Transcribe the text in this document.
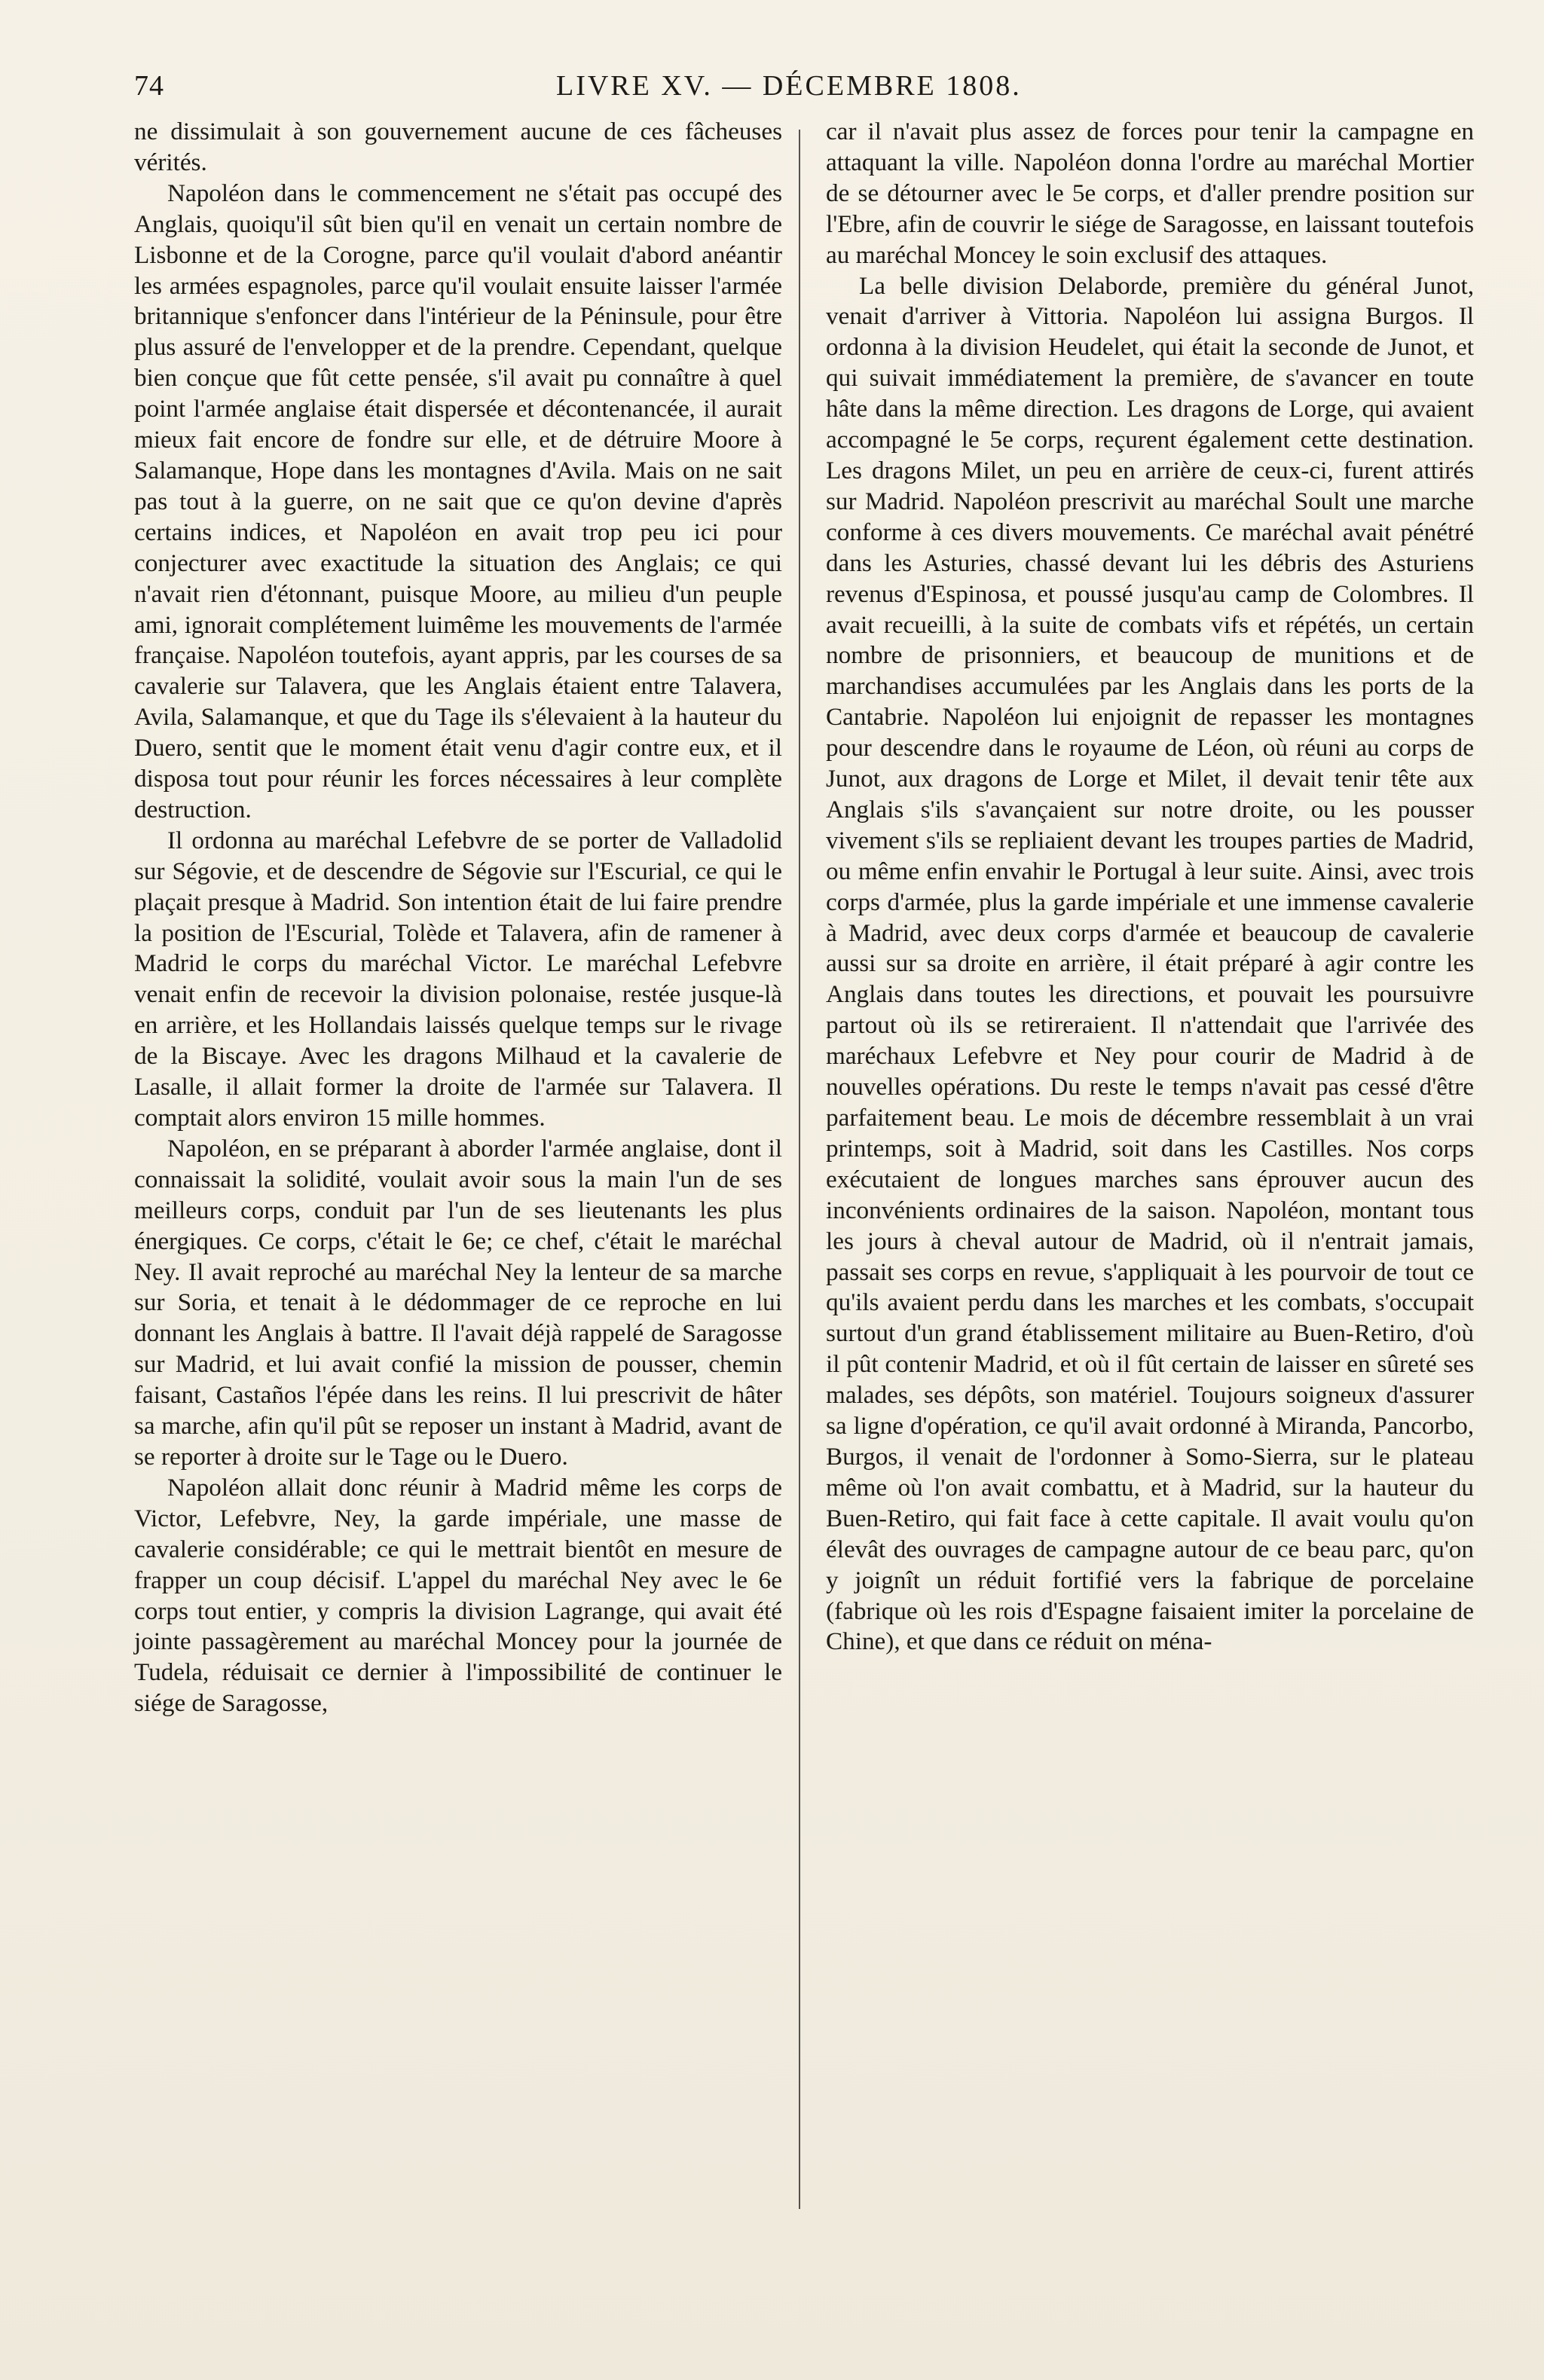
74	LIVRE XV. — DÉCEMBRE 1808.

ne dissimulait à son gouvernement aucune de ces fâcheuses vérités.

Napoléon dans le commencement ne s'était pas occupé des Anglais, quoiqu'il sût bien qu'il en venait un certain nombre de Lisbonne et de la Corogne, parce qu'il voulait d'abord anéantir les armées espagnoles, parce qu'il voulait ensuite laisser l'armée britannique s'enfoncer dans l'intérieur de la Péninsule, pour être plus assuré de l'envelopper et de la prendre. Cependant, quelque bien conçue que fût cette pensée, s'il avait pu connaître à quel point l'armée anglaise était dispersée et décontenancée, il aurait mieux fait encore de fondre sur elle, et de détruire Moore à Salamanque, Hope dans les montagnes d'Avila. Mais on ne sait pas tout à la guerre, on ne sait que ce qu'on devine d'après certains indices, et Napoléon en avait trop peu ici pour conjecturer avec exactitude la situation des Anglais; ce qui n'avait rien d'étonnant, puisque Moore, au milieu d'un peuple ami, ignorait complétement luimême les mouvements de l'armée française. Napoléon toutefois, ayant appris, par les courses de sa cavalerie sur Talavera, que les Anglais étaient entre Talavera, Avila, Salamanque, et que du Tage ils s'élevaient à la hauteur du Duero, sentit que le moment était venu d'agir contre eux, et il disposa tout pour réunir les forces nécessaires à leur complète destruction.

Il ordonna au maréchal Lefebvre de se porter de Valladolid sur Ségovie, et de descendre de Ségovie sur l'Escurial, ce qui le plaçait presque à Madrid. Son intention était de lui faire prendre la position de l'Escurial, Tolède et Talavera, afin de ramener à Madrid le corps du maréchal Victor. Le maréchal Lefebvre venait enfin de recevoir la division polonaise, restée jusque-là en arrière, et les Hollandais laissés quelque temps sur le rivage de la Biscaye. Avec les dragons Milhaud et la cavalerie de Lasalle, il allait former la droite de l'armée sur Talavera. Il comptait alors environ 15 mille hommes.

Napoléon, en se préparant à aborder l'armée anglaise, dont il connaissait la solidité, voulait avoir sous la main l'un de ses meilleurs corps, conduit par l'un de ses lieutenants les plus énergiques. Ce corps, c'était le 6e; ce chef, c'était le maréchal Ney. Il avait reproché au maréchal Ney la lenteur de sa marche sur Soria, et tenait à le dédommager de ce reproche en lui donnant les Anglais à battre. Il l'avait déjà rappelé de Saragosse sur Madrid, et lui avait confié la mission de pousser, chemin faisant, Castaños l'épée dans les reins. Il lui prescrivit de hâter sa marche, afin qu'il pût se reposer un instant à Madrid, avant de se reporter à droite sur le Tage ou le Duero.

Napoléon allait donc réunir à Madrid même les corps de Victor, Lefebvre, Ney, la garde impériale, une masse de cavalerie considérable; ce qui le mettrait bientôt en mesure de frapper un coup décisif. L'appel du maréchal Ney avec le 6e corps tout entier, y compris la division Lagrange, qui avait été jointe passagèrement au maréchal Moncey pour la journée de Tudela, réduisait ce dernier à l'impossibilité de continuer le siége de Saragosse,

car il n'avait plus assez de forces pour tenir la campagne en attaquant la ville. Napoléon donna l'ordre au maréchal Mortier de se détourner avec le 5e corps, et d'aller prendre position sur l'Ebre, afin de couvrir le siége de Saragosse, en laissant toutefois au maréchal Moncey le soin exclusif des attaques.

La belle division Delaborde, première du général Junot, venait d'arriver à Vittoria. Napoléon lui assigna Burgos. Il ordonna à la division Heudelet, qui était la seconde de Junot, et qui suivait immédiatement la première, de s'avancer en toute hâte dans la même direction. Les dragons de Lorge, qui avaient accompagné le 5e corps, reçurent également cette destination. Les dragons Milet, un peu en arrière de ceux-ci, furent attirés sur Madrid. Napoléon prescrivit au maréchal Soult une marche conforme à ces divers mouvements. Ce maréchal avait pénétré dans les Asturies, chassé devant lui les débris des Asturiens revenus d'Espinosa, et poussé jusqu'au camp de Colombres. Il avait recueilli, à la suite de combats vifs et répétés, un certain nombre de prisonniers, et beaucoup de munitions et de marchandises accumulées par les Anglais dans les ports de la Cantabrie. Napoléon lui enjoignit de repasser les montagnes pour descendre dans le royaume de Léon, où réuni au corps de Junot, aux dragons de Lorge et Milet, il devait tenir tête aux Anglais s'ils s'avançaient sur notre droite, ou les pousser vivement s'ils se repliaient devant les troupes parties de Madrid, ou même enfin envahir le Portugal à leur suite. Ainsi, avec trois corps d'armée, plus la garde impériale et une immense cavalerie à Madrid, avec deux corps d'armée et beaucoup de cavalerie aussi sur sa droite en arrière, il était préparé à agir contre les Anglais dans toutes les directions, et pouvait les poursuivre partout où ils se retireraient. Il n'attendait que l'arrivée des maréchaux Lefebvre et Ney pour courir de Madrid à de nouvelles opérations. Du reste le temps n'avait pas cessé d'être parfaitement beau. Le mois de décembre ressemblait à un vrai printemps, soit à Madrid, soit dans les Castilles. Nos corps exécutaient de longues marches sans éprouver aucun des inconvénients ordinaires de la saison. Napoléon, montant tous les jours à cheval autour de Madrid, où il n'entrait jamais, passait ses corps en revue, s'appliquait à les pourvoir de tout ce qu'ils avaient perdu dans les marches et les combats, s'occupait surtout d'un grand établissement militaire au Buen-Retiro, d'où il pût contenir Madrid, et où il fût certain de laisser en sûreté ses malades, ses dépôts, son matériel. Toujours soigneux d'assurer sa ligne d'opération, ce qu'il avait ordonné à Miranda, Pancorbo, Burgos, il venait de l'ordonner à Somo-Sierra, sur le plateau même où l'on avait combattu, et à Madrid, sur la hauteur du Buen-Retiro, qui fait face à cette capitale. Il avait voulu qu'on élevât des ouvrages de campagne autour de ce beau parc, qu'on y joignît un réduit fortifié vers la fabrique de porcelaine (fabrique où les rois d'Espagne faisaient imiter la porcelaine de Chine), et que dans ce réduit on ména-
